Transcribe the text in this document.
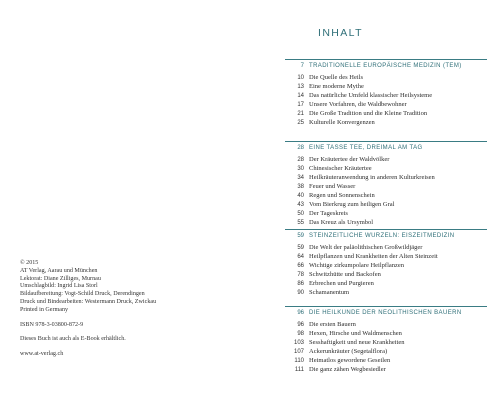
© 2015
AT Verlag, Aarau und München
Lektorat: Diane Zilliges, Murnau
Umschlagbild: Ingrid Lisa Storl
Bildaufbereitung: Vogt-Schild Druck, Derendingen
Druck und Bindearbeiten: Westermann Druck, Zwickau
Printed in Germany
ISBN 978-3-03800-872-9
Dieses Buch ist auch als E-Book erhältlich.
www.at-verlag.ch
INHALT
7 TRADITIONELLE EUROPÄISCHE MEDIZIN (TEM)
10 Die Quelle des Heils
13 Eine moderne Mythe
14 Das natürliche Umfeld klassischer Heilsysteme
17 Unsere Vorfahren, die Waldbewohner
21 Die Große Tradition und die Kleine Tradition
25 Kulturelle Konvergenzen
28 EINE TASSE TEE, DREIMAL AM TAG
28 Der Kräutertee der Waldvölker
30 Chinesischer Kräutertee
34 Heilkräuteranwendung in anderen Kulturkreisen
38 Feuer und Wasser
40 Regen und Sonnenschein
43 Vom Bierkrug zum heiligen Gral
50 Der Tageskreis
55 Das Kreuz als Ursymbol
59 STEINZEITLICHE WURZELN: EISZEITMEDIZIN
59 Die Welt der paläolithischen Großwildjäger
64 Heilpflanzen und Krankheiten der Alten Steinzeit
66 Wichtige zirkumpolare Heilpflanzen
78 Schwitzhütte und Backofen
86 Erbrechen und Purgieren
90 Schamanentum
96 DIE HEILKUNDE DER NEOLITHISCHEN BAUERN
96 Die ersten Bauern
98 Hexen, Hirsche und Waldmenschen
103 Sesshaftigkeit und neue Krankheiten
107 Ackerunkräuter (Segetalflora)
110 Heimatlos gewordene Geseilen
111 Die ganz zähen Wegbesiedler
